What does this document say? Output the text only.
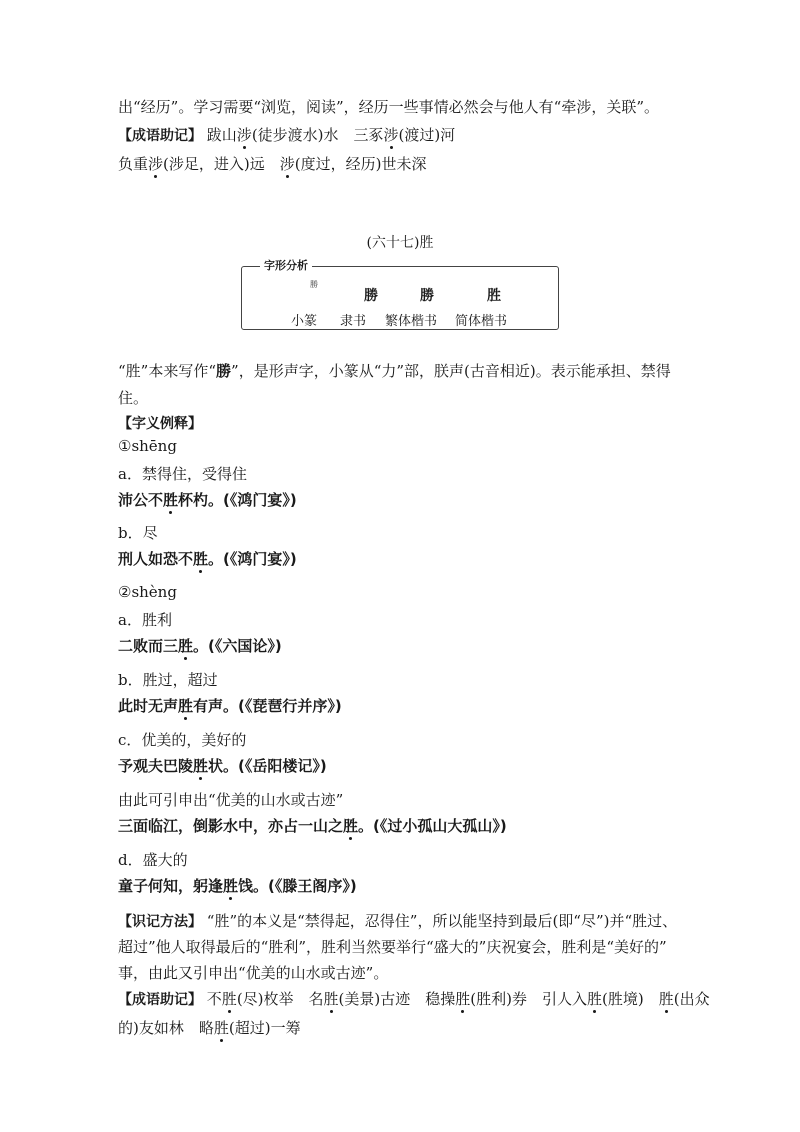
出“经历”。学习需要“浏览，阅读”，经历一些事情必然会与他人有“牵涉，关联”。
【成语助记】 跋山涉(徒步渡水)水　三豖涉(渡过)河
负重涉(涉足，进入)远　涉(度过，经历)世未深
(六十七)胜
字形分析
勝
勝	勝	胜
小篆 隶书 繁体楷书 简体楷书
“胜”本来写作“勝”，是形声字，小篆从“力”部，朕声(古音相近)。表示能承担、禁得
住。
【字义例释】
①shēng
a．禁得住，受得住
沛公不胜杯杓。(《鸿门宴》)
b．尽
刑人如恐不胜。(《鸿门宴》)
②shèng
a．胜利
二败而三胜。(《六国论》)
b．胜过，超过
此时无声胜有声。(《琵琶行并序》)
c．优美的，美好的
予观夫巴陵胜状。(《岳阳楼记》)
由此可引申出“优美的山水或古迹”
三面临江，倒影水中，亦占一山之胜。(《过小孤山大孤山》)
d．盛大的
童子何知，躬逢胜饯。(《滕王阁序》)
【识记方法】 “胜”的本义是“禁得起，忍得住”，所以能坚持到最后(即“尽”)并“胜过、
超过”他人取得最后的“胜利”，胜利当然要举行“盛大的”庆祝宴会，胜利是“美好的”
事，由此又引申出“优美的山水或古迹”。
【成语助记】 不胜(尽)枚举　名胜(美景)古迹　稳操胜(胜利)券　引人入胜(胜境)　胜(出众
的)友如林　略胜(超过)一筹
